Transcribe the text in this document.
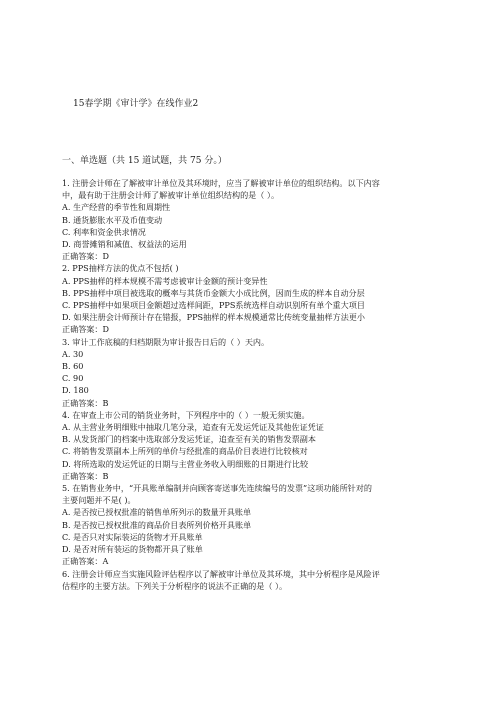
15春学期《审计学》在线作业2
一、单选题（共 15 道试题，共 75 分。）
1. 注册会计师在了解被审计单位及其环境时，应当了解被审计单位的组织结构。以下内容
中，最有助于注册会计师了解被审计单位组织结构的是（ ）。
A. 生产经营的季节性和周期性
B. 通货膨胀水平及币值变动
C. 利率和资金供求情况
D. 商誉摊销和减值、权益法的运用
正确答案：D
2. PPS抽样方法的优点不包括( )
A. PPS抽样的样本规模不需考虑被审计金额的预计变异性
B. PPS抽样中项目被选取的概率与其货币金额大小成比例，因而生成的样本自动分层
C. PPS抽样中如果项目金额超过选样间距，PPS系统选样自动识别所有单个重大项目
D. 如果注册会计师预计存在错报，PPS抽样的样本规模通常比传统变量抽样方法更小
正确答案：D
3. 审计工作底稿的归档期限为审计报告日后的（ ）天内。
A. 30
B. 60
C. 90
D. 180
正确答案：B
4. 在审查上市公司的销货业务时，下列程序中的（ ）一般无须实施。
A. 从主营业务明细账中抽取几笔分录，追查有无发运凭证及其他佐证凭证
B. 从发货部门的档案中选取部分发运凭证，追查至有关的销售发票副本
C. 将销售发票副本上所列的单价与经批准的商品价目表进行比较核对
D. 将所选取的发运凭证的日期与主营业务收入明细账的日期进行比较
正确答案：B
5. 在销售业务中，“开具账单编制并向顾客寄送事先连续编号的发票”这项功能所针对的
主要问题并不是( )。
A. 是否按已授权批准的销售单所列示的数量开具账单
B. 是否按已授权批准的商品价目表所列价格开具账单
C. 是否只对实际装运的货物才开具账单
D. 是否对所有装运的货物都开具了账单
正确答案：A
6. 注册会计师应当实施风险评估程序以了解被审计单位及其环境，其中分析程序是风险评
估程序的主要方法。下列关于分析程序的说法不正确的是（ ）。
